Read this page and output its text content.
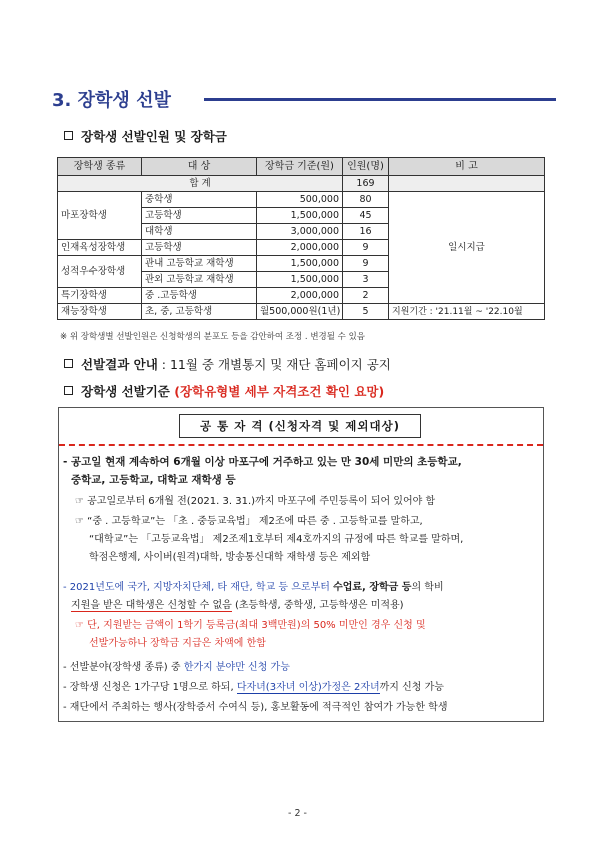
3. 장학생 선발
장학생 선발인원 및 장학금
장학생 종류	대 상	장학금 기준(원)	인원(명)	비 고
합 계			169	
마포장학생	중학생	500,000	80	일시지급
	고등학생	1,500,000	45	
	대학생	3,000,000	16	
인재육성장학생	고등학생	2,000,000	9	
성적우수장학생	관내 고등학교 재학생	1,500,000	9	
	관외 고등학교 재학생	1,500,000	3	
특기장학생	중 .고등학생	2,000,000	2	
재능장학생	초, 중, 고등학생	월500,000원(1년)	5	지원기간 : '21.11월 ~ '22.10월
※ 위 장학생별 선발인원은 신청학생의 분포도 등을 감안하여 조정 . 변경될 수 있음
선발결과 안내 : 11월 중 개별통지 및 재단 홈페이지 공지
장학생 선발기준 (장학유형별 세부 자격조건 확인 요망)
공 통 자 격 (신청자격 및 제외대상)
- 공고일 현재 계속하여 6개월 이상 마포구에 거주하고 있는 만 30세 미만의 초등학교,
중학교, 고등학교, 대학교 재학생 등
☞ 공고일로부터 6개월 전(2021. 3. 31.)까지 마포구에 주민등록이 되어 있어야 함
☞ “중 . 고등학교”는 「초 . 중등교육법」 제2조에 따른 중 . 고등학교를 말하고,
“대학교”는 「고등교육법」 제2조제1호부터 제4호까지의 규정에 따른 학교를 말하며,
학점은행제, 사이버(원격)대학, 방송통신대학 재학생 등은 제외함
- 2021년도에 국가, 지방자치단체, 타 재단, 학교 등 으로부터 수업료, 장학금 등의 학비
지원을 받은 대학생은 신청할 수 없음 (초등학생, 중학생, 고등학생은 미적용)
☞ 단, 지원받는 금액이 1학기 등록금(최대 3백만원)의 50% 미만인 경우 신청 및
선발가능하나 장학금 지급은 차액에 한함
- 선발분야(장학생 종류) 중 한가지 분야만 신청 가능
- 장학생 신청은 1가구당 1명으로 하되, 다자녀(3자녀 이상)가정은 2자녀까지 신청 가능
- 재단에서 주최하는 행사(장학증서 수여식 등), 홍보활동에 적극적인 참여가 가능한 학생
- 2 -
